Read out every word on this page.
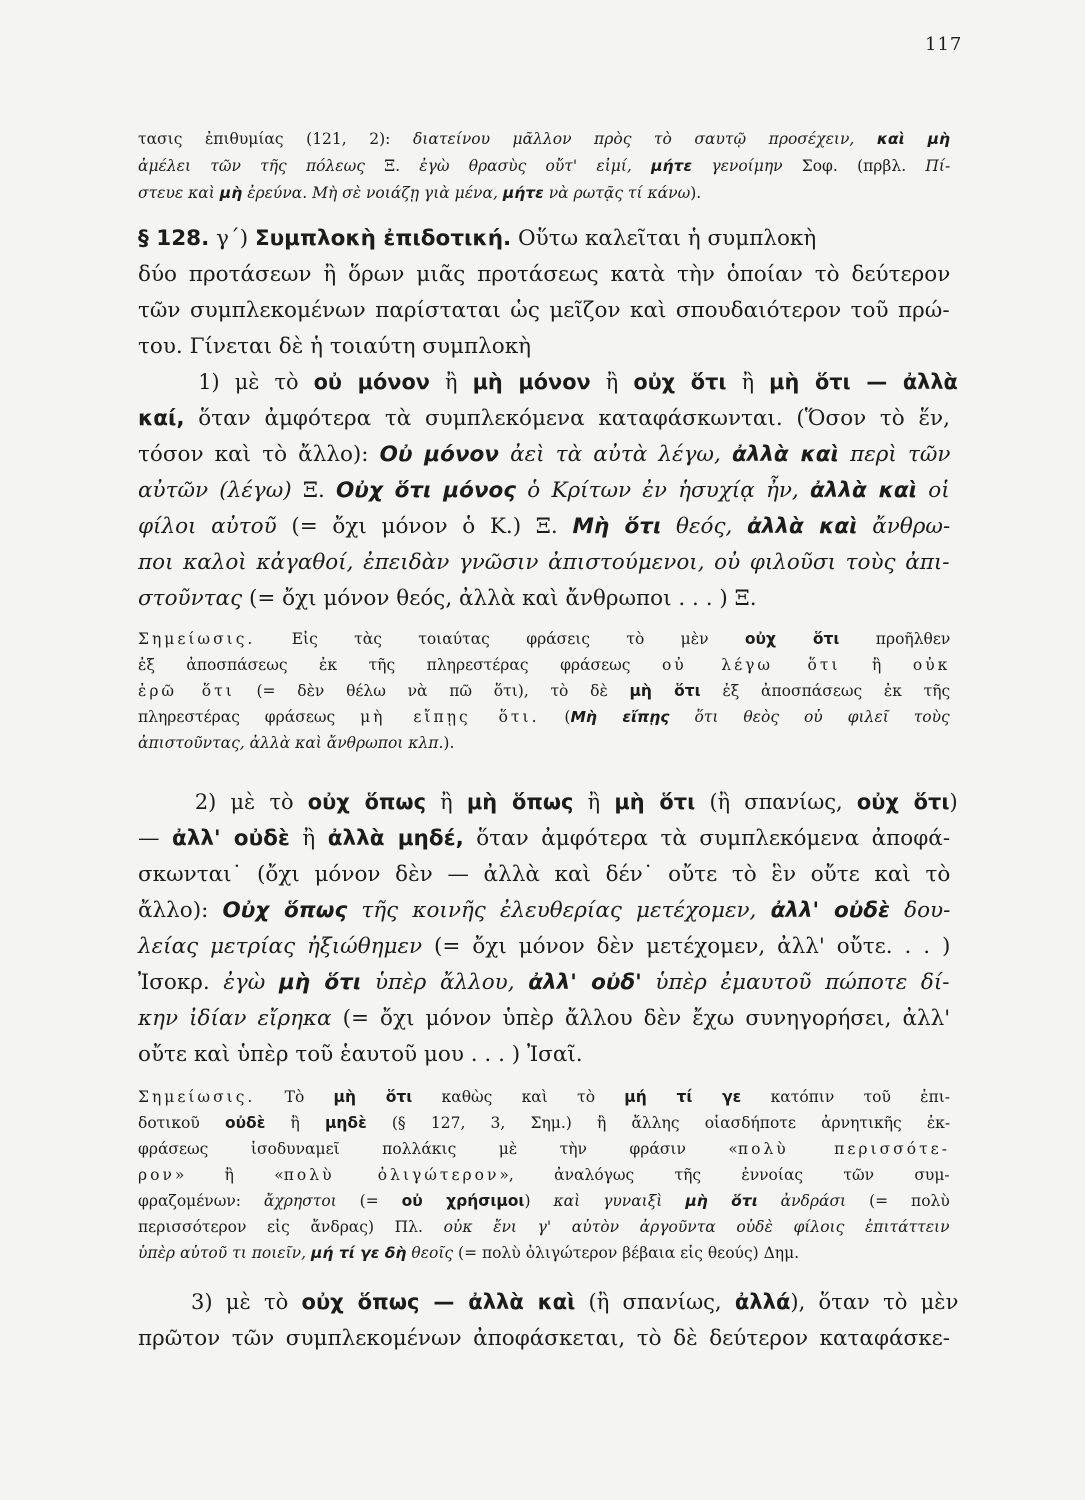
117
τασις ἐπιθυμίας (121, 2): διατείνου μᾶλλον πρὸς τὸ σαυτῷ προσέχειν, καὶ μὴ
ἀμέλει τῶν τῆς πόλεως Ξ. ἐγὼ θρασὺς οὔτ' εἰμί, μήτε γενοίμην Σοφ. (πρβλ. Πί-
στευε καὶ μὴ ἐρεύνα. Μὴ σὲ νοιάζῃ γιὰ μένα, μήτε νὰ ρωτᾷς τί κάνω).
§ 128. γ΄) Συμπλοκὴ ἐπιδοτική. Οὕτω καλεῖται ἡ συμπλοκὴ
δύο προτάσεων ἢ ὅρων μιᾶς προτάσεως κατὰ τὴν ὁποίαν τὸ δεύτερον
τῶν συμπλεκομένων παρίσταται ὡς μεῖζον καὶ σπουδαιότερον τοῦ πρώ-
του. Γίνεται δὲ ἡ τοιαύτη συμπλοκὴ
1) μὲ τὸ οὐ μόνον ἢ μὴ μόνον ἢ οὐχ ὅτι ἢ μὴ ὅτι — ἀλλὰ
καί, ὅταν ἀμφότερα τὰ συμπλεκόμενα καταφάσκωνται. (Ὅσον τὸ ἕν,
τόσον καὶ τὸ ἄλλο): Οὐ μόνον ἀεὶ τὰ αὐτὰ λέγω, ἀλλὰ καὶ περὶ τῶν
αὐτῶν (λέγω) Ξ. Οὐχ ὅτι μόνος ὁ Κρίτων ἐν ἡσυχίᾳ ἦν, ἀλλὰ καὶ οἱ
φίλοι αὐτοῦ (= ὄχι μόνον ὁ Κ.) Ξ. Μὴ ὅτι θεός, ἀλλὰ καὶ ἄνθρω-
ποι καλοὶ κἀγαθοί, ἐπειδὰν γνῶσιν ἀπιστούμενοι, οὐ φιλοῦσι τοὺς ἀπι-
στοῦντας (= ὄχι μόνον θεός, ἀλλὰ καὶ ἄνθρωποι . . . ) Ξ.
Σημείωσις. Εἰς τὰς τοιαύτας φράσεις τὸ μὲν οὐχ ὅτι προῆλθεν
ἐξ ἀποσπάσεως ἐκ τῆς πληρεστέρας φράσεως οὐ λέγω ὅτι ἢ οὐκ
ἐρῶ ὅτι (= δὲν θέλω νὰ πῶ ὅτι), τὸ δὲ μὴ ὅτι ἐξ ἀποσπάσεως ἐκ τῆς
πληρεστέρας φράσεως μὴ εἴπῃς ὅτι. (Μὴ εἴπῃς ὅτι θεὸς οὐ φιλεῖ τοὺς
ἀπιστοῦντας, ἀλλὰ καὶ ἄνθρωποι κλπ.).
2) μὲ τὸ οὐχ ὅπως ἢ μὴ ὅπως ἢ μὴ ὅτι (ἢ σπανίως, οὐχ ὅτι)
— ἀλλ' οὐδὲ ἢ ἀλλὰ μηδέ, ὅταν ἀμφότερα τὰ συμπλεκόμενα ἀποφά-
σκωνται˙ (ὄχι μόνον δὲν — ἀλλὰ καὶ δέν˙ οὔτε τὸ ἓν οὔτε καὶ τὸ
ἄλλο): Οὐχ ὅπως τῆς κοινῆς ἐλευθερίας μετέχομεν, ἀλλ' οὐδὲ δου-
λείας μετρίας ἠξιώθημεν (= ὄχι μόνον δὲν μετέχομεν, ἀλλ' οὔτε. . . )
Ἰσοκρ. ἐγὼ μὴ ὅτι ὑπὲρ ἄλλου, ἀλλ' οὐδ' ὑπὲρ ἐμαυτοῦ πώποτε δί-
κην ἰδίαν εἴρηκα (= ὄχι μόνον ὑπὲρ ἄλλου δὲν ἔχω συνηγορήσει, ἀλλ'
οὔτε καὶ ὑπὲρ τοῦ ἑαυτοῦ μου . . . ) Ἰσαῖ.
Σημείωσις. Τὸ μὴ ὅτι καθὼς καὶ τὸ μή τί γε κατόπιν τοῦ ἐπι-
δοτικοῦ οὐδὲ ἢ μηδὲ (§ 127, 3, Σημ.) ἢ ἄλλης οἱασδήποτε ἀρνητικῆς ἐκ-
φράσεως ἰσοδυναμεῖ πολλάκις μὲ τὴν φράσιν «πολὺ περισσότε-
ρον» ἢ «πολὺ ὀλιγώτερον», ἀναλόγως τῆς ἐννοίας τῶν συμ-
φραζομένων: ἄχρηστοι (= οὐ χρήσιμοι) καὶ γυναιξὶ μὴ ὅτι ἀνδράσι (= πολὺ
περισσότερον εἰς ἄνδρας) Πλ. οὐκ ἔνι γ' αὐτὸν ἀργοῦντα οὐδὲ φίλοις ἐπιτάττειν
ὑπὲρ αὐτοῦ τι ποιεῖν, μή τί γε δὴ θεοῖς (= πολὺ ὀλιγώτερον βέβαια εἰς θεούς) Δημ.
3) μὲ τὸ οὐχ ὅπως — ἀλλὰ καὶ (ἢ σπανίως, ἀλλά), ὅταν τὸ μὲν
πρῶτον τῶν συμπλεκομένων ἀποφάσκεται, τὸ δὲ δεύτερον καταφάσκε-
